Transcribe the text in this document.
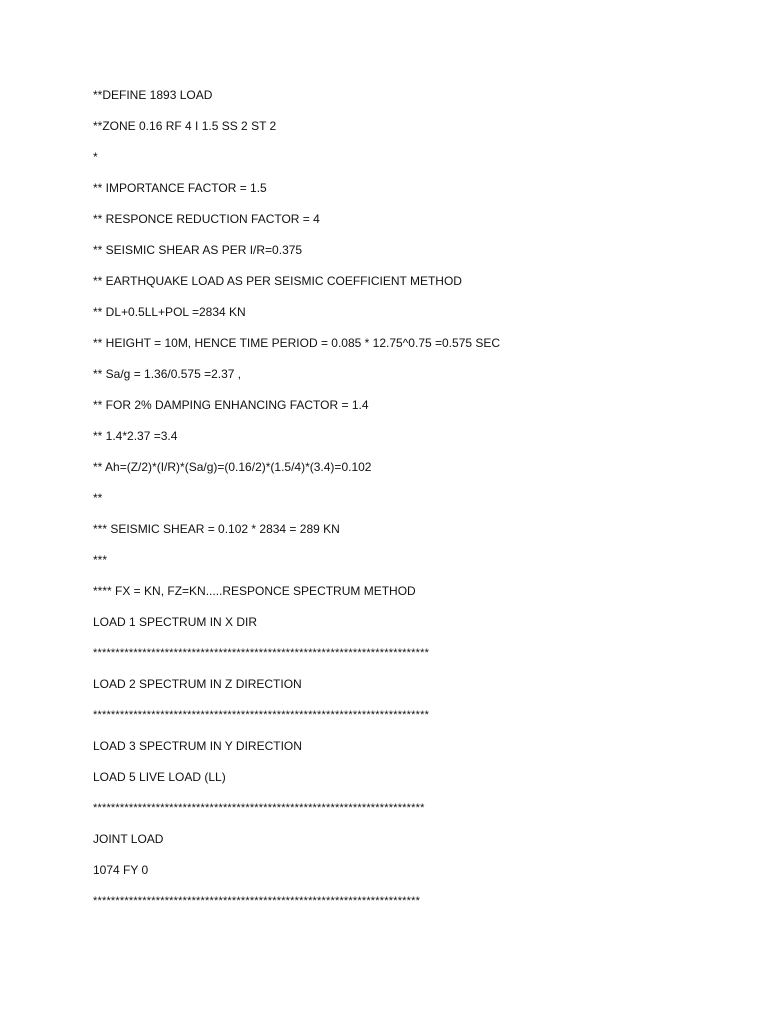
**DEFINE 1893 LOAD
**ZONE 0.16 RF 4 I 1.5 SS 2 ST 2
*
** IMPORTANCE FACTOR = 1.5
** RESPONCE REDUCTION FACTOR = 4
** SEISMIC SHEAR AS PER I/R=0.375
** EARTHQUAKE LOAD AS PER SEISMIC COEFFICIENT METHOD
** DL+0.5LL+POL =2834 KN
** HEIGHT = 10M, HENCE TIME PERIOD = 0.085 * 12.75^0.75 =0.575 SEC
** Sa/g = 1.36/0.575 =2.37 ,
** FOR 2% DAMPING ENHANCING FACTOR = 1.4
** 1.4*2.37 =3.4
** Ah=(Z/2)*(I/R)*(Sa/g)=(0.16/2)*(1.5/4)*(3.4)=0.102
**
*** SEISMIC SHEAR = 0.102 * 2834 = 289 KN
***
**** FX = KN, FZ=KN.....RESPONCE SPECTRUM METHOD
LOAD 1 SPECTRUM IN X DIR
***************************************************************************
LOAD 2 SPECTRUM IN Z DIRECTION
***************************************************************************
LOAD 3 SPECTRUM IN Y DIRECTION
LOAD 5 LIVE LOAD (LL)
**************************************************************************
JOINT LOAD
1074 FY 0
*************************************************************************
